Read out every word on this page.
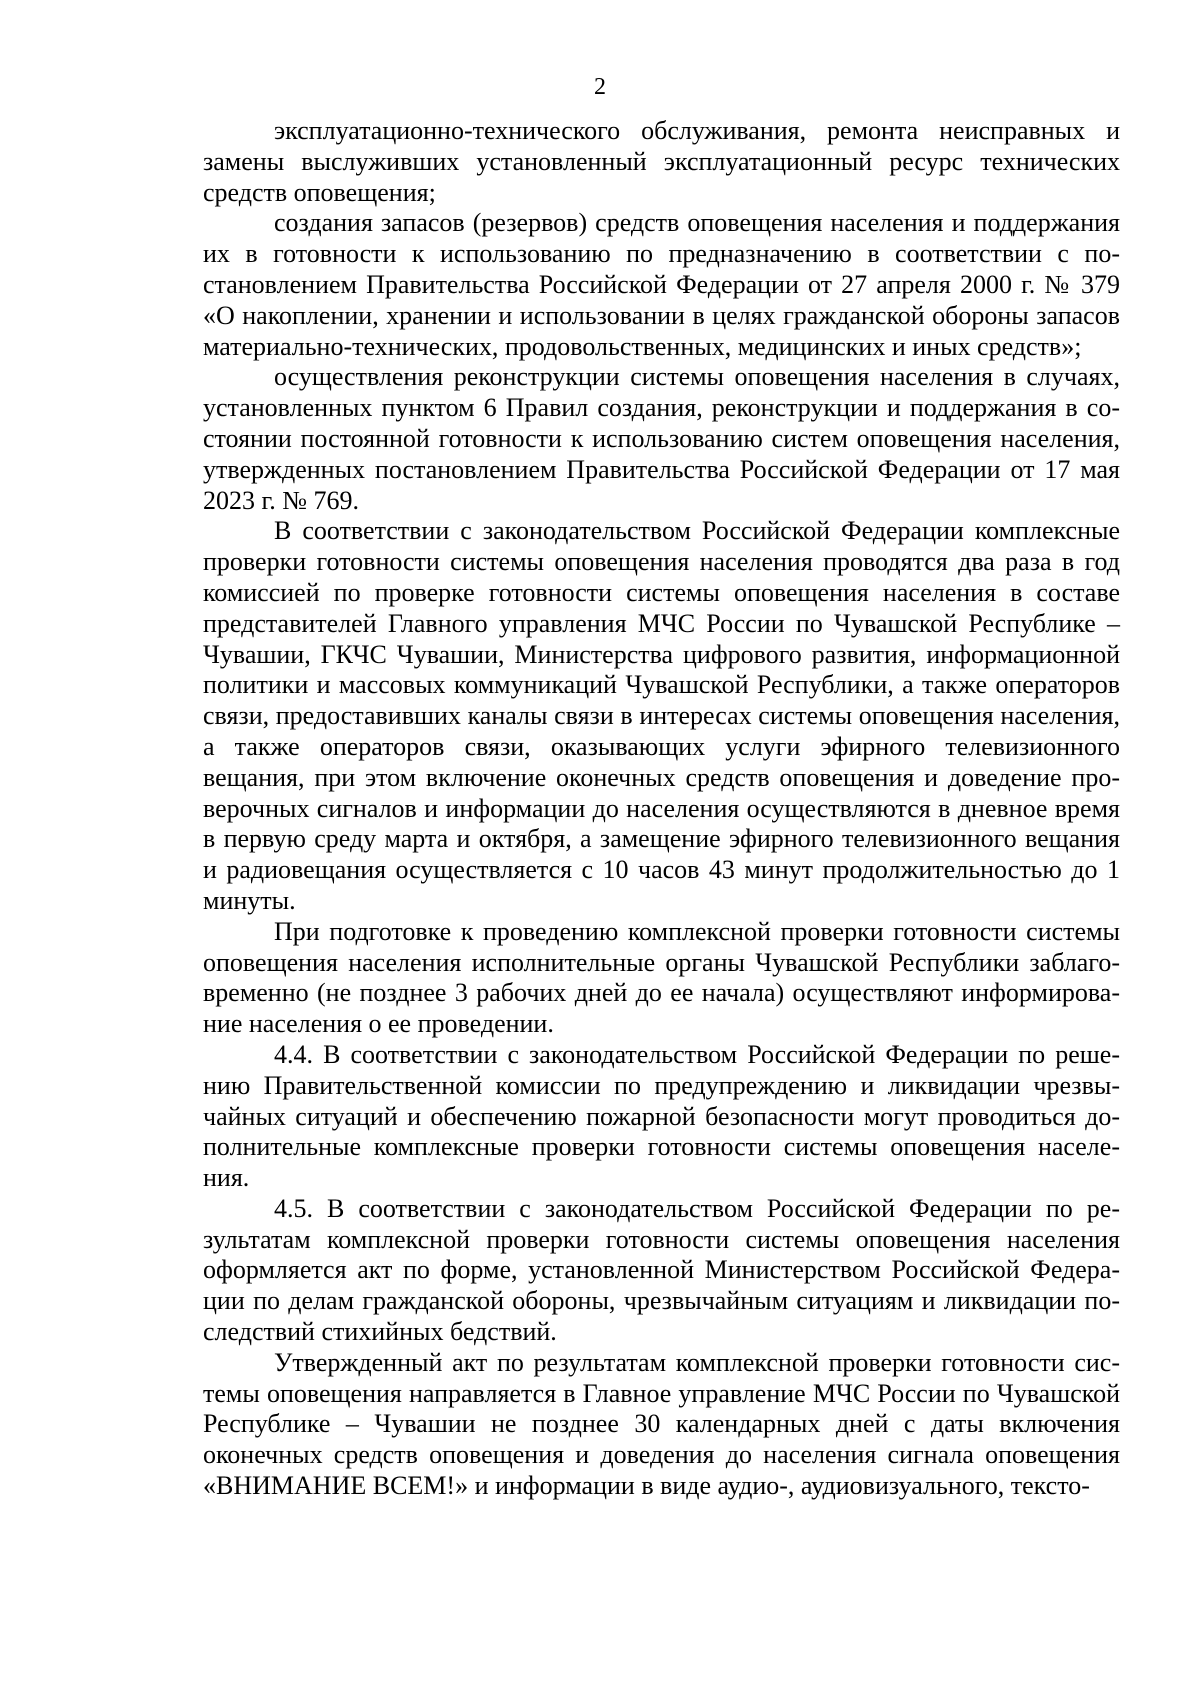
2

эксплуатационно-технического обслуживания, ремонта неисправных и замены выслуживших установленный эксплуатационный ресурс технических средств оповещения;

создания запасов (резервов) средств оповещения населения и поддержания их в готовности к использованию по предназначению в соответствии с постановлением Правительства Российской Федерации от 27 апреля 2000 г. № 379 «О накоплении, хранении и использовании в целях гражданской обороны запасов материально-технических, продовольственных, медицинских и иных средств»;

осуществления реконструкции системы оповещения населения в случаях, установленных пунктом 6 Правил создания, реконструкции и поддержания в состоянии постоянной готовности к использованию систем оповещения населения, утвержденных постановлением Правительства Российской Федерации от 17 мая 2023 г. № 769.

В соответствии с законодательством Российской Федерации комплексные проверки готовности системы оповещения населения проводятся два раза в год комиссией по проверке готовности системы оповещения населения в составе представителей Главного управления МЧС России по Чувашской Республике – Чувашии, ГКЧС Чувашии, Министерства цифрового развития, информационной политики и массовых коммуникаций Чувашской Республики, а также операторов связи, предоставивших каналы связи в интересах системы оповещения населения, а также операторов связи, оказывающих услуги эфирного телевизионного вещания, при этом включение оконечных средств оповещения и доведение проверочных сигналов и информации до населения осуществляются в дневное время в первую среду марта и октября, а замещение эфирного телевизионного вещания и радиовещания осуществляется с 10 часов 43 минут продолжительностью до 1 минуты.

При подготовке к проведению комплексной проверки готовности системы оповещения населения исполнительные органы Чувашской Республики заблаговременно (не позднее 3 рабочих дней до ее начала) осуществляют информирование населения о ее проведении.

4.4. В соответствии с законодательством Российской Федерации по решению Правительственной комиссии по предупреждению и ликвидации чрезвычайных ситуаций и обеспечению пожарной безопасности могут проводиться дополнительные комплексные проверки готовности системы оповещения населения.

4.5. В соответствии с законодательством Российской Федерации по результатам комплексной проверки готовности системы оповещения населения оформляется акт по форме, установленной Министерством Российской Федерации по делам гражданской обороны, чрезвычайным ситуациям и ликвидации последствий стихийных бедствий.

Утвержденный акт по результатам комплексной проверки готовности системы оповещения направляется в Главное управление МЧС России по Чувашской Республике – Чувашии не позднее 30 календарных дней с даты включения оконечных средств оповещения и доведения до населения сигнала оповещения «ВНИМАНИЕ ВСЕМ!» и информации в виде аудио-, аудиовизуального, тексто-
